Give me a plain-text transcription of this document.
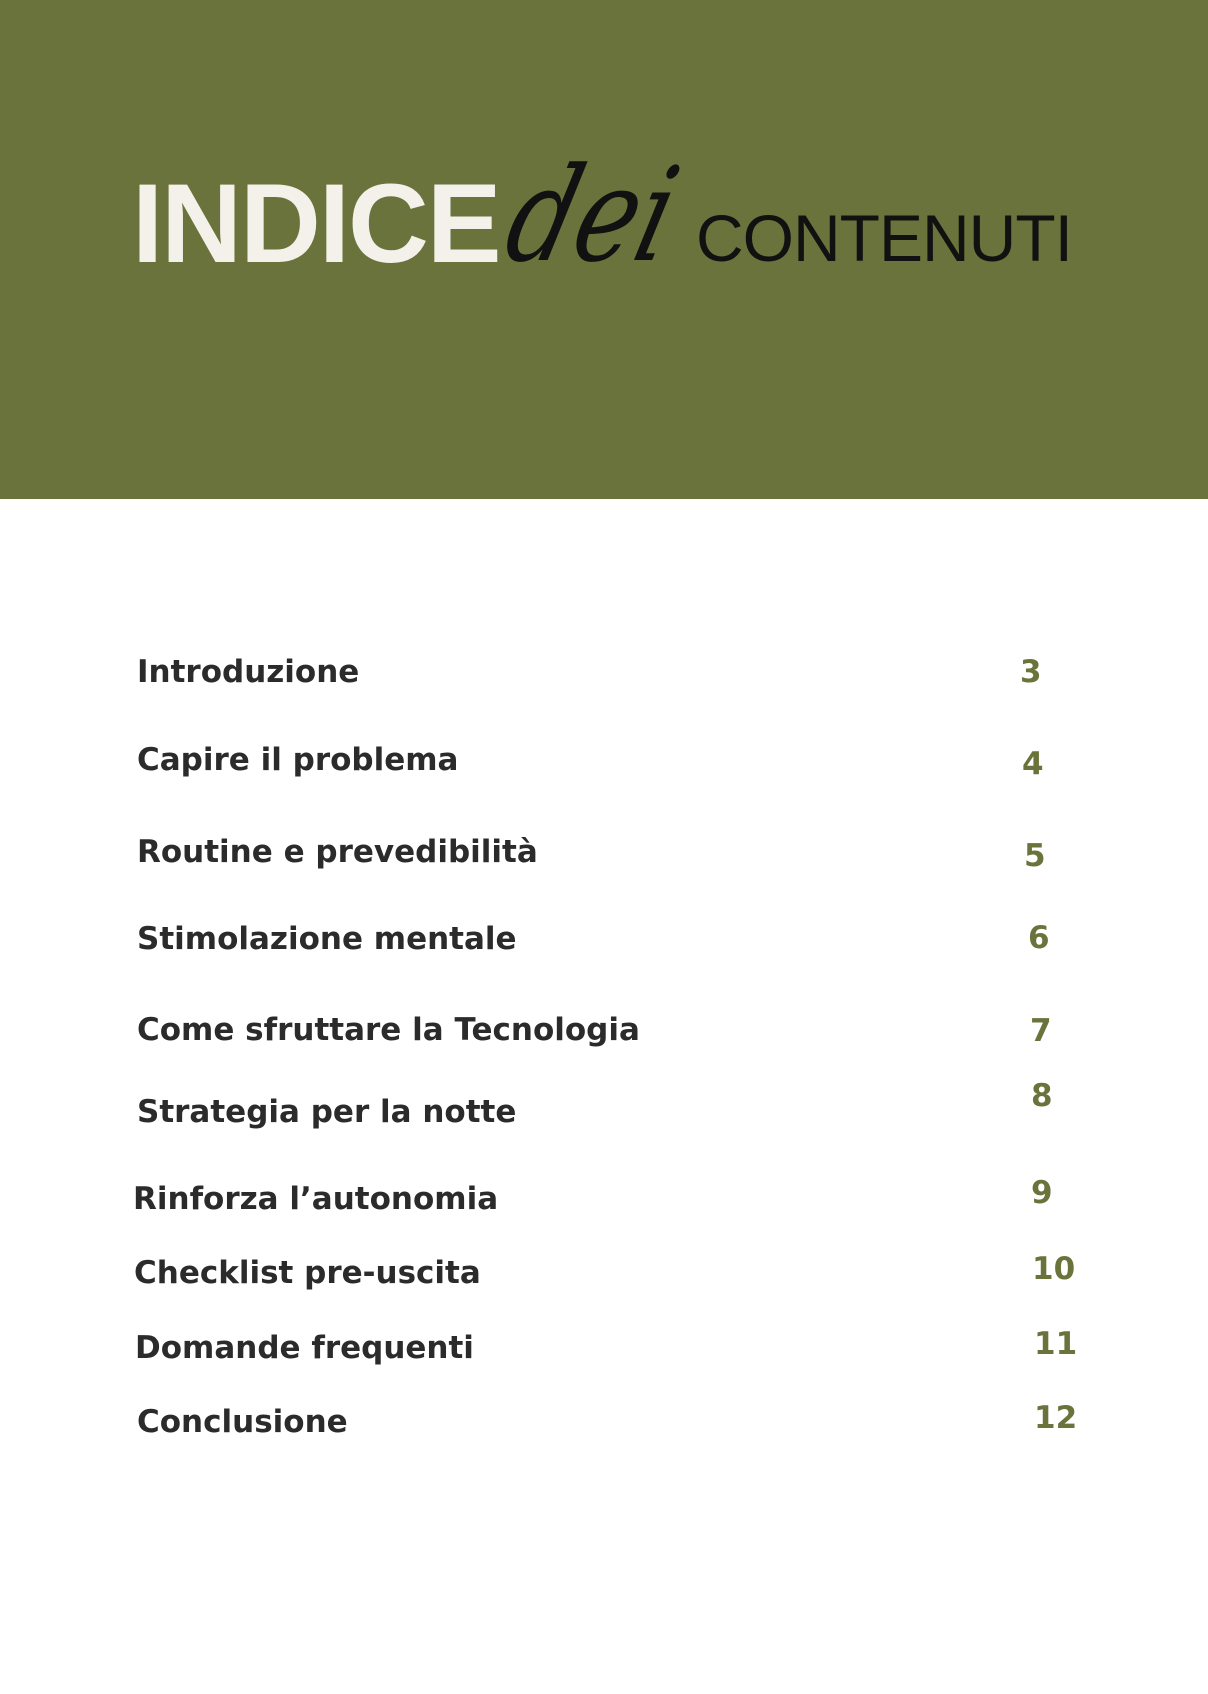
INDICE
dei CONTENUTI
Introduzione	3
Capire il problema	4
Routine e prevedibilità	5
Stimolazione mentale	6
Come sfruttare la Tecnologia	7
Strategia per la notte	8
Rinforza l’autonomia	9
Checklist pre-uscita	10
Domande frequenti	11
Conclusione	12
